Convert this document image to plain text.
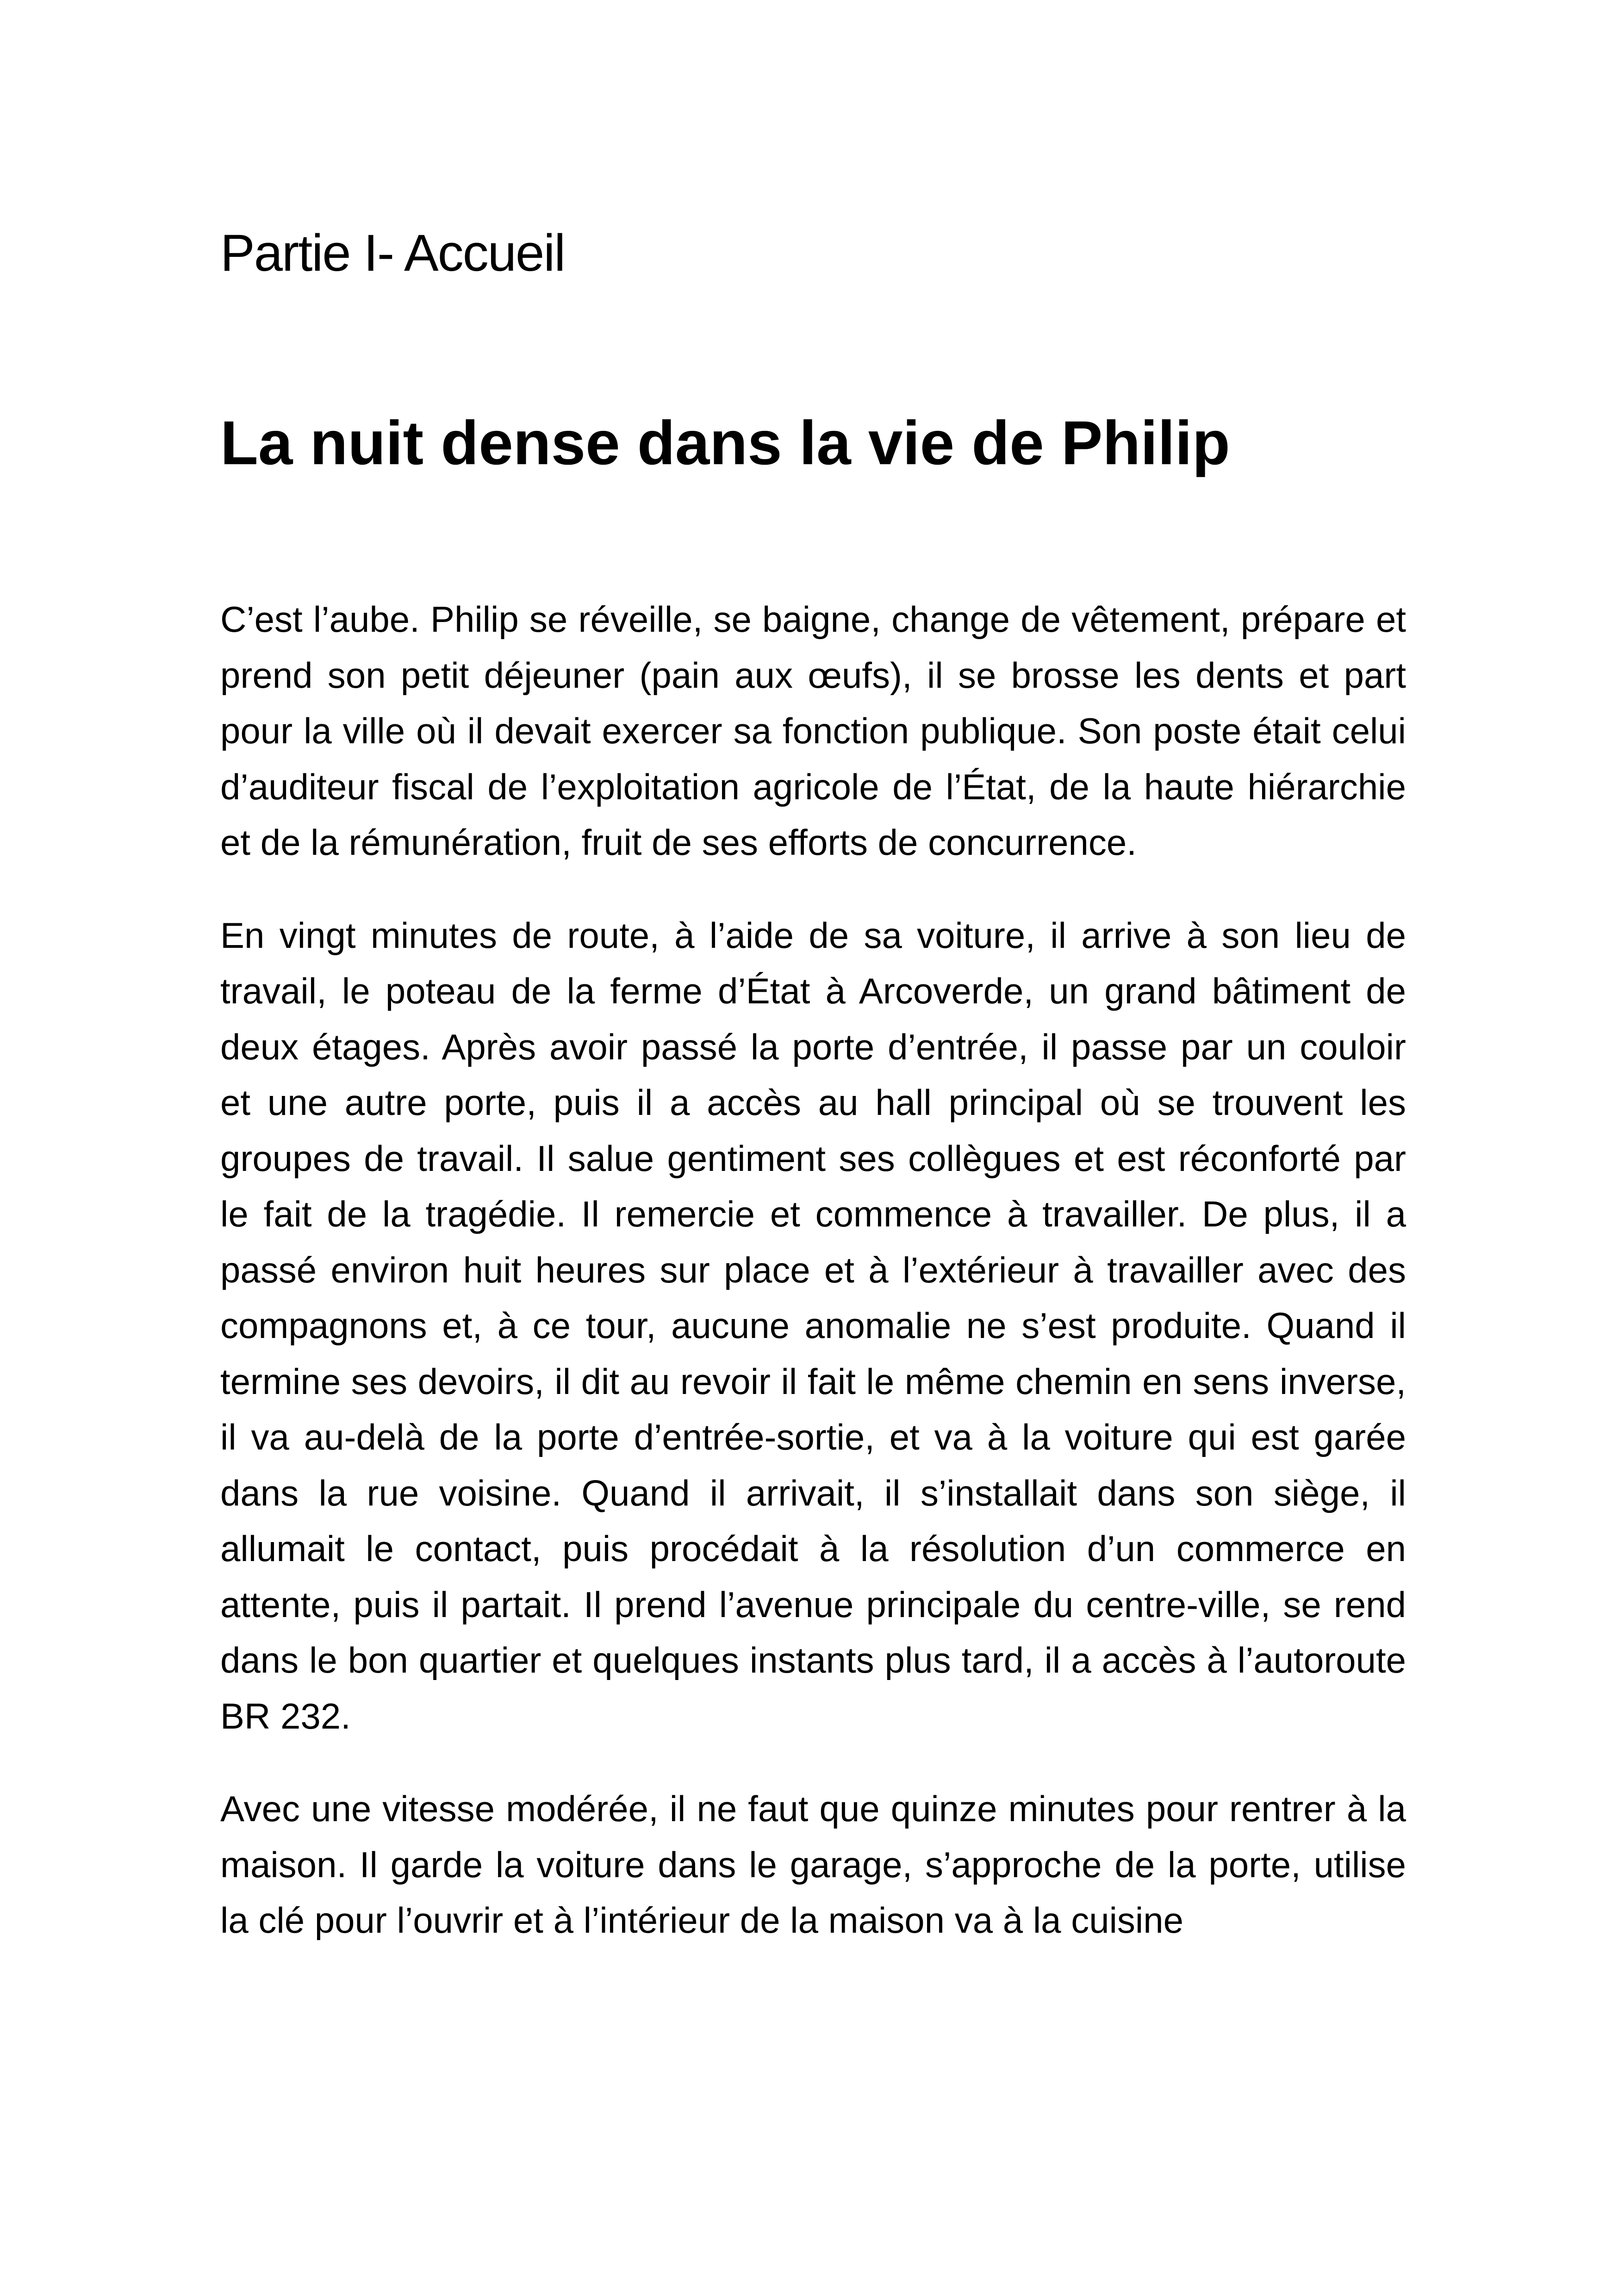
Partie I- Accueil
La nuit dense dans la vie de Philip

C’est l’aube. Philip se réveille, se baigne, change de vêtement, prépare et prend son petit déjeuner (pain aux œufs), il se brosse les dents et part pour la ville où il devait exercer sa fonction publique. Son poste était celui d’auditeur fiscal de l’exploitation agricole de l’État, de la haute hiérarchie et de la rémunération, fruit de ses efforts de concurrence.

En vingt minutes de route, à l’aide de sa voiture, il arrive à son lieu de travail, le poteau de la ferme d’État à Arcoverde, un grand bâtiment de deux étages. Après avoir passé la porte d’entrée, il passe par un couloir et une autre porte, puis il a accès au hall principal où se trouvent les groupes de travail. Il salue gentiment ses collègues et est réconforté par le fait de la tragédie. Il remercie et commence à travailler. De plus, il a passé environ huit heures sur place et à l’extérieur à travailler avec des compagnons et, à ce tour, aucune anomalie ne s’est produite. Quand il termine ses devoirs, il dit au revoir il fait le même chemin en sens inverse, il va au-delà de la porte d’entrée-sortie, et va à la voiture qui est garée dans la rue voisine. Quand il arrivait, il s’installait dans son siège, il allumait le contact, puis procédait à la résolution d’un commerce en attente, puis il partait. Il prend l’avenue principale du centre-ville, se rend dans le bon quartier et quelques instants plus tard, il a accès à l’autoroute BR 232.

Avec une vitesse modérée, il ne faut que quinze minutes pour rentrer à la maison. Il garde la voiture dans le garage, s’approche de la porte, utilise la clé pour l’ouvrir et à l’intérieur de la maison va à la cuisine
